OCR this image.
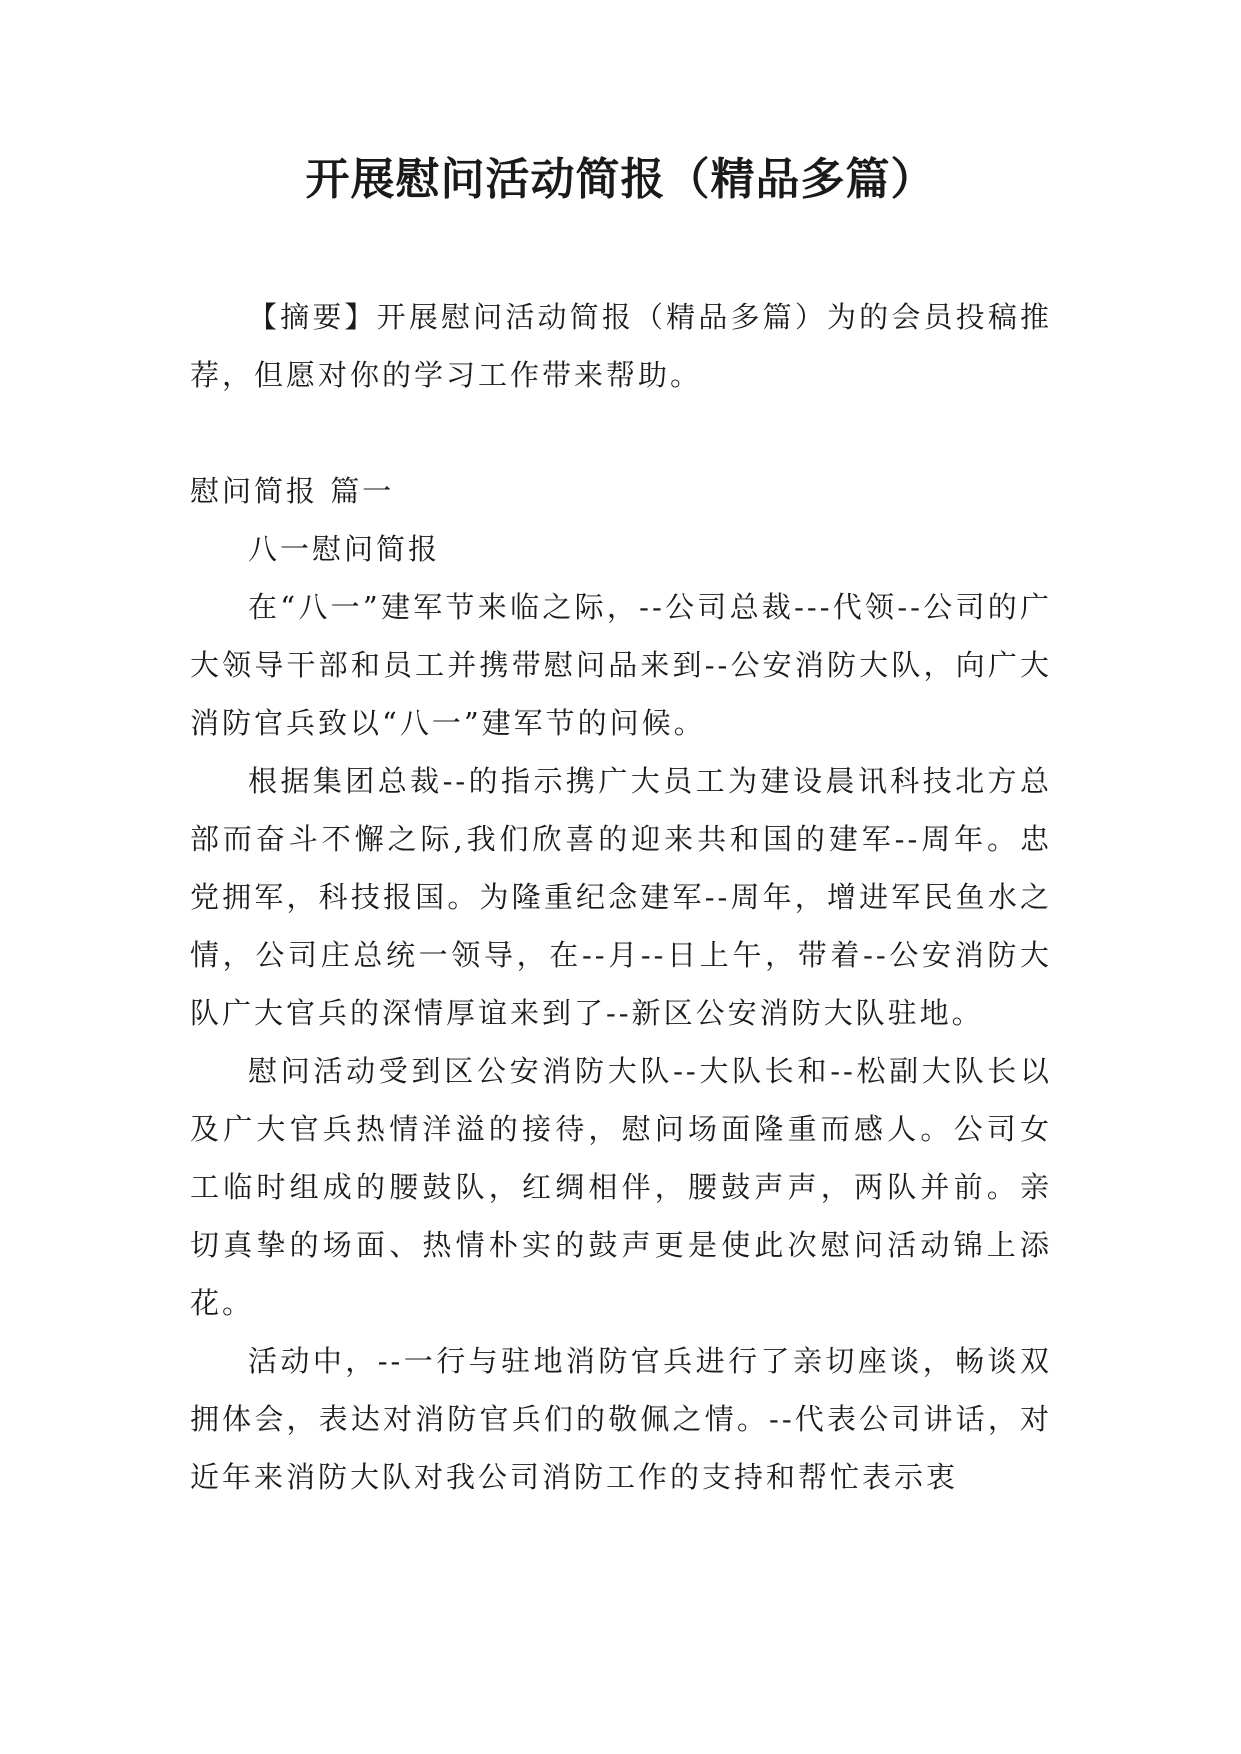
开展慰问活动简报（精品多篇）

【摘要】开展慰问活动简报（精品多篇）为的会员投稿推荐，但愿对你的学习工作带来帮助。

慰问简报 篇一

八一慰问简报

在“八一”建军节来临之际，--公司总裁---代领--公司的广大领导干部和员工并携带慰问品来到--公安消防大队，向广大消防官兵致以“八一”建军节的问候。

根据集团总裁--的指示携广大员工为建设晨讯科技北方总部而奋斗不懈之际,我们欣喜的迎来共和国的建军--周年。忠党拥军，科技报国。为隆重纪念建军--周年，增进军民鱼水之情，公司庄总统一领导，在--月--日上午，带着--公安消防大队广大官兵的深情厚谊来到了--新区公安消防大队驻地。

慰问活动受到区公安消防大队--大队长和--松副大队长以及广大官兵热情洋溢的接待，慰问场面隆重而感人。公司女工临时组成的腰鼓队，红绸相伴，腰鼓声声，两队并前。亲切真挚的场面、热情朴实的鼓声更是使此次慰问活动锦上添花。

活动中，--一行与驻地消防官兵进行了亲切座谈，畅谈双拥体会，表达对消防官兵们的敬佩之情。--代表公司讲话，对近年来消防大队对我公司消防工作的支持和帮忙表示衷
